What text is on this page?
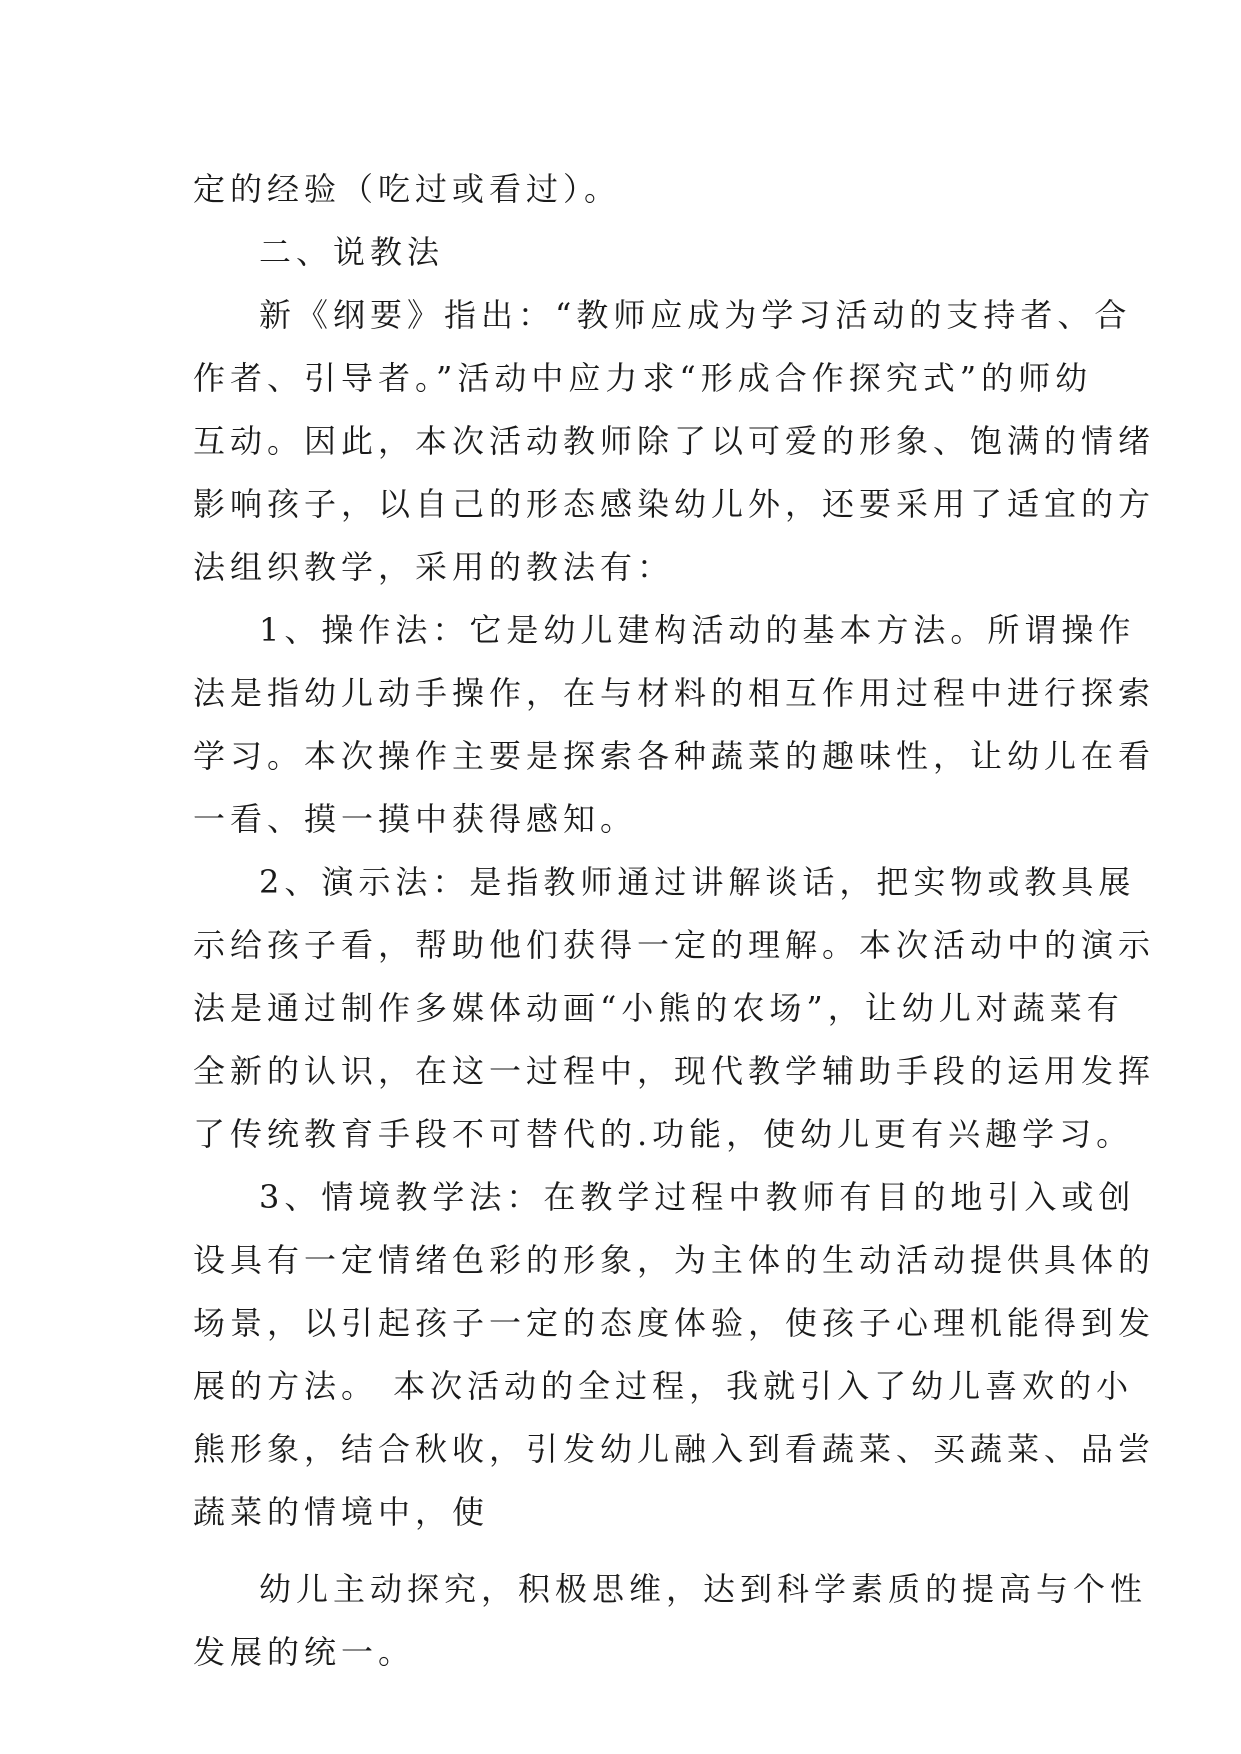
定的经验（吃过或看过）。
二、说教法
新《纲要》指出：“教师应成为学习活动的支持者、合
作者、引导者。”活动中应力求“形成合作探究式”的师幼
互动。因此，本次活动教师除了以可爱的形象、饱满的情绪
影响孩子，以自己的形态感染幼儿外，还要采用了适宜的方
法组织教学，采用的教法有：
1、操作法：它是幼儿建构活动的基本方法。所谓操作
法是指幼儿动手操作，在与材料的相互作用过程中进行探索
学习。本次操作主要是探索各种蔬菜的趣味性，让幼儿在看
一看、摸一摸中获得感知。
2、演示法：是指教师通过讲解谈话，把实物或教具展
示给孩子看，帮助他们获得一定的理解。本次活动中的演示
法是通过制作多媒体动画“小熊的农场”，让幼儿对蔬菜有
全新的认识，在这一过程中，现代教学辅助手段的运用发挥
了传统教育手段不可替代的.功能，使幼儿更有兴趣学习。
3、情境教学法：在教学过程中教师有目的地引入或创
设具有一定情绪色彩的形象，为主体的生动活动提供具体的
场景，以引起孩子一定的态度体验，使孩子心理机能得到发
展的方法。 本次活动的全过程，我就引入了幼儿喜欢的小
熊形象，结合秋收，引发幼儿融入到看蔬菜、买蔬菜、品尝
蔬菜的情境中，使
幼儿主动探究，积极思维，达到科学素质的提高与个性
发展的统一。
